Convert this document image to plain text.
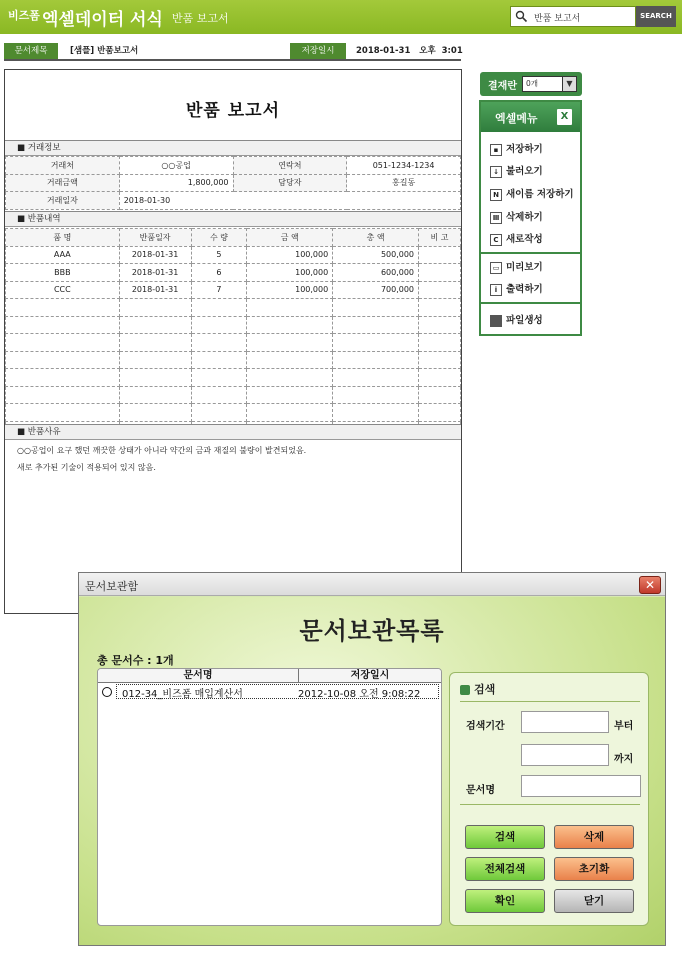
비즈폼 엑셀데이터 서식 반품 보고서	반품 보고서	SEARCH
문서제목	[샘플] 반품보고서	저장일시	2018-01-31   오후  3:01
반품 보고서
■ 거래정보
거래처	○○공업	연락처	051-1234-1234
거래금액	1,800,000	담당자	홍길동
거래일자	2018-01-30		
■ 반품내역
품 명	반품일자	수 량	금 액	총 액	비 고
AAA	2018-01-31	5	100,000	500,000	
BBB	2018-01-31	6	100,000	600,000	
CCC	2018-01-31	7	100,000	700,000	

■ 반품사유
○○공업이 요구 했던 깨끗한 상태가 아니라 약간의 금과 재질의 불량이 발견되었음.
새로 추가된 기술이 적용되어 있지 않음.
결재란	0개	▼
엑셀메뉴	X
▪ 저장하기
↓ 불러오기
N 새이름 저장하기
Ⅲ 삭제하기
C 새로작성
▭ 미리보기
i 출력하기
파일생성
문서보관함	✕
문서보관목록
총 문서수 : 1개
문서명	저장일시
012-34_비즈폼 매입계산서	2012-10-08 오전 9:08:22	검색
검색기간	부터
까지
문서명
검색	삭제
전체검색	초기화
확인	닫기
